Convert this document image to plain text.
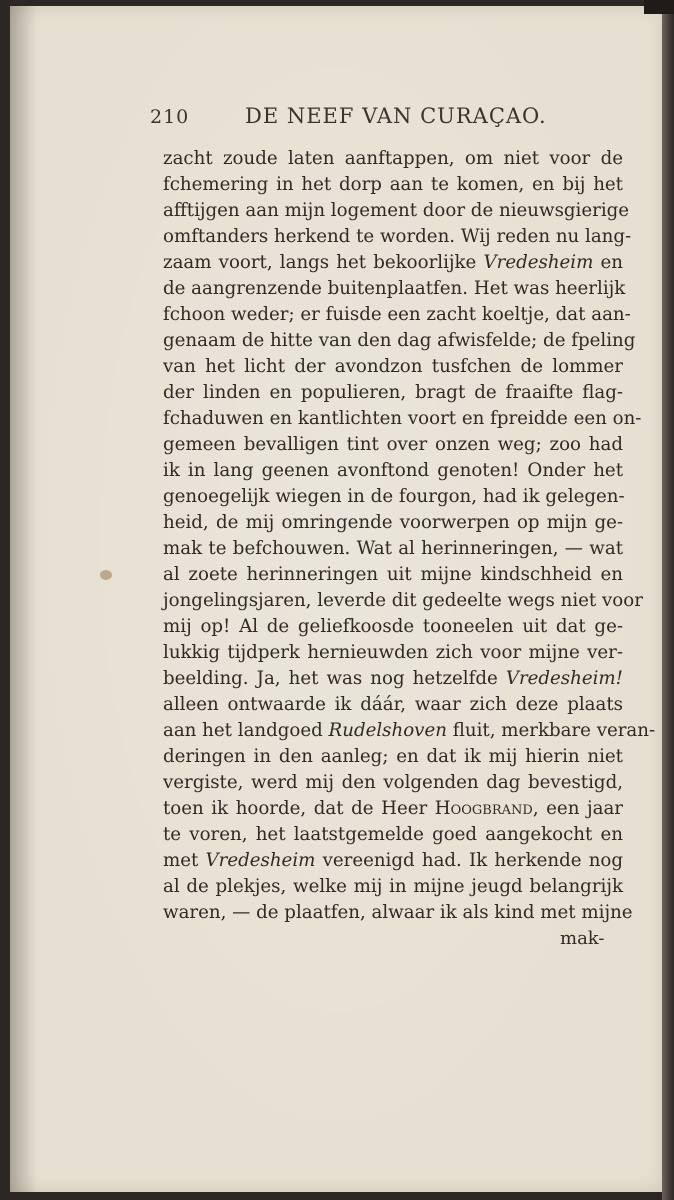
210	DE NEEF VAN CURAÇAO.
zacht zoude laten aanftappen, om niet voor de
fchemering in het dorp aan te komen, en bij het
afftijgen aan mijn logement door de nieuwsgierige
omftanders herkend te worden. Wij reden nu lang-
zaam voort, langs het bekoorlijke Vredesheim en
de aangrenzende buitenplaatfen. Het was heerlijk
fchoon weder; er fuisde een zacht koeltje, dat aan-
genaam de hitte van den dag afwisfelde; de fpeling
van het licht der avondzon tusfchen de lommer
der linden en populieren, bragt de fraaifte flag-
fchaduwen en kantlichten voort en fpreidde een on-
gemeen bevalligen tint over onzen weg; zoo had
ik in lang geenen avonftond genoten! Onder het
genoegelijk wiegen in de fourgon, had ik gelegen-
heid, de mij omringende voorwerpen op mijn ge-
mak te befchouwen. Wat al herinneringen, — wat
al zoete herinneringen uit mijne kindschheid en
jongelingsjaren, leverde dit gedeelte wegs niet voor
mij op! Al de geliefkoosde tooneelen uit dat ge-
lukkig tijdperk hernieuwden zich voor mijne ver-
beelding. Ja, het was nog hetzelfde Vredesheim!
alleen ontwaarde ik dáár, waar zich deze plaats
aan het landgoed Rudelshoven fluit, merkbare veran-
deringen in den aanleg; en dat ik mij hierin niet
vergiste, werd mij den volgenden dag bevestigd,
toen ik hoorde, dat de Heer Hoogbrand, een jaar
te voren, het laatstgemelde goed aangekocht en
met Vredesheim vereenigd had. Ik herkende nog
al de plekjes, welke mij in mijne jeugd belangrijk
waren, — de plaatfen, alwaar ik als kind met mijne
mak-
